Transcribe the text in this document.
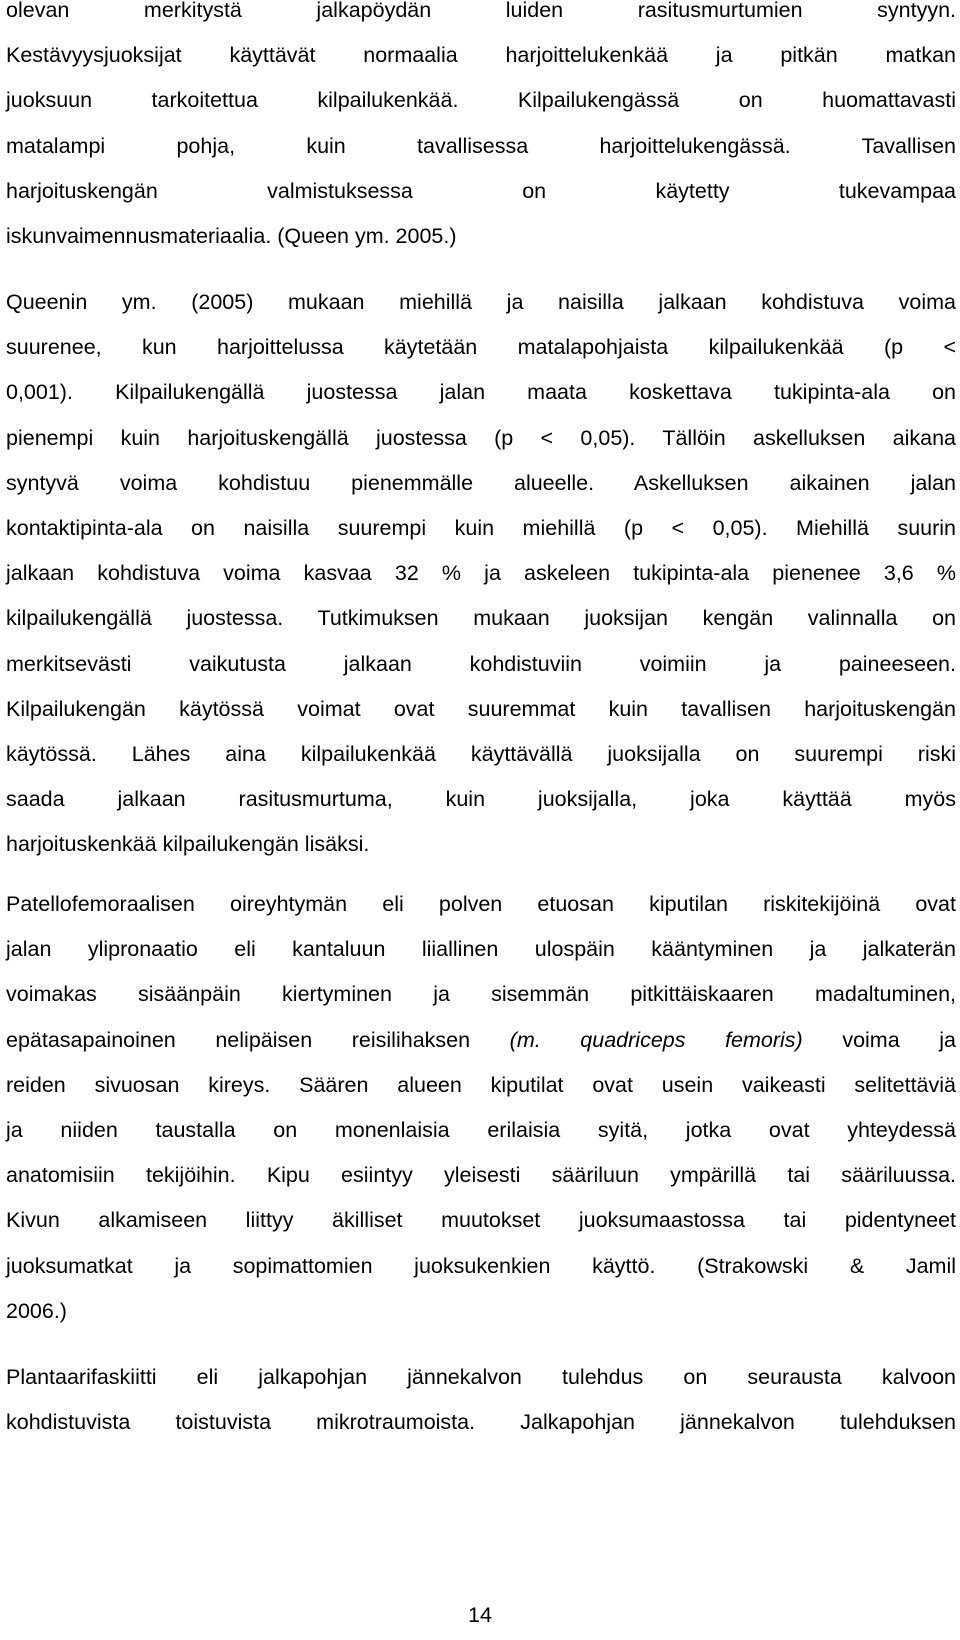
olevan merkitystä jalkapöydän luiden rasitusmurtumien syntyyn.
Kestävyysjuoksijat käyttävät normaalia harjoittelukenkää ja pitkän matkan
juoksuun tarkoitettua kilpailukenkää. Kilpailukengässä on huomattavasti
matalampi pohja, kuin tavallisessa harjoittelukengässä. Tavallisen
harjoituskengän valmistuksessa on käytetty tukevampaa
iskunvaimennusmateriaalia. (Queen ym. 2005.)

Queenin ym. (2005) mukaan miehillä ja naisilla jalkaan kohdistuva voima
suurenee, kun harjoittelussa käytetään matalapohjaista kilpailukenkää (p <
0,001). Kilpailukengällä juostessa jalan maata koskettava tukipinta-ala on
pienempi kuin harjoituskengällä juostessa (p < 0,05). Tällöin askelluksen aikana
syntyvä voima kohdistuu pienemmälle alueelle. Askelluksen aikainen jalan
kontaktipinta-ala on naisilla suurempi kuin miehillä (p < 0,05). Miehillä suurin
jalkaan kohdistuva voima kasvaa 32 % ja askeleen tukipinta-ala pienenee 3,6 %
kilpailukengällä juostessa. Tutkimuksen mukaan juoksijan kengän valinnalla on
merkitsevästi vaikutusta jalkaan kohdistuviin voimiin ja paineeseen.
Kilpailukengän käytössä voimat ovat suuremmat kuin tavallisen harjoituskengän
käytössä. Lähes aina kilpailukenkää käyttävällä juoksijalla on suurempi riski
saada jalkaan rasitusmurtuma, kuin juoksijalla, joka käyttää myös
harjoituskenkää kilpailukengän lisäksi.

Patellofemoraalisen oireyhtymän eli polven etuosan kiputilan riskitekijöinä ovat
jalan ylipronaatio eli kantaluun liiallinen ulospäin kääntyminen ja jalkaterän
voimakas sisäänpäin kiertyminen ja sisemmän pitkittäiskaaren madaltuminen,
epätasapainoinen nelipäisen reisilihaksen (m. quadriceps femoris) voima ja
reiden sivuosan kireys. Säären alueen kiputilat ovat usein vaikeasti selitettäviä
ja niiden taustalla on monenlaisia erilaisia syitä, jotka ovat yhteydessä
anatomisiin tekijöihin. Kipu esiintyy yleisesti sääriluun ympärillä tai sääriluussa.
Kivun alkamiseen liittyy äkilliset muutokset juoksumaastossa tai pidentyneet
juoksumatkat ja sopimattomien juoksukenkien käyttö. (Strakowski & Jamil
2006.)

Plantaarifaskiitti eli jalkapohjan jännekalvon tulehdus on seurausta kalvoon
kohdistuvista toistuvista mikrotraumoista. Jalkapohjan jännekalvon tulehduksen

14
